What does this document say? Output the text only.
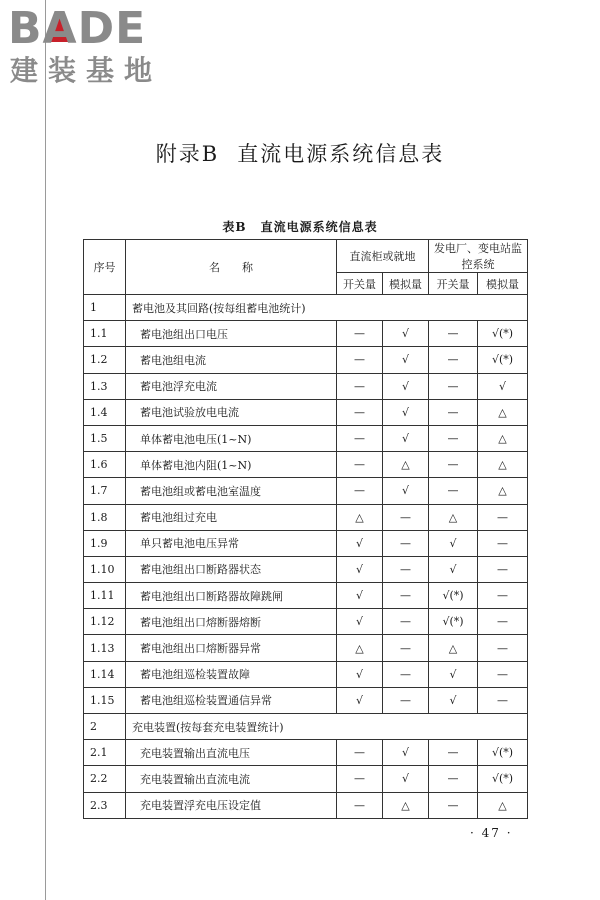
B
ADE
建装基地
附录B 直流电源系统信息表
表B 直流电源系统信息表
序号	名　　称	直流柜或就地		发电厂、变电站监控系统	
		开关量	模拟量	开关量	模拟量
1	蓄电池及其回路(按每组蓄电池统计)				
1.1	蓄电池组出口电压	—	√	—	√(*)
1.2	蓄电池组电流	—	√	—	√(*)
1.3	蓄电池浮充电流	—	√	—	√
1.4	蓄电池试验放电电流	—	√	—	△
1.5	单体蓄电池电压(1~N)	—	√	—	△
1.6	单体蓄电池内阻(1~N)	—	△	—	△
1.7	蓄电池组或蓄电池室温度	—	√	—	△
1.8	蓄电池组过充电	△	—	△	—
1.9	单只蓄电池电压异常	√	—	√	—
1.10	蓄电池组出口断路器状态	√	—	√	—
1.11	蓄电池组出口断路器故障跳闸	√	—	√(*)	—
1.12	蓄电池组出口熔断器熔断	√	—	√(*)	—
1.13	蓄电池组出口熔断器异常	△	—	△	—
1.14	蓄电池组巡检装置故障	√	—	√	—
1.15	蓄电池组巡检装置通信异常	√	—	√	—
2	充电装置(按每套充电装置统计)				
2.1	充电装置输出直流电压	—	√	—	√(*)
2.2	充电装置输出直流电流	—	√	—	√(*)
2.3	充电装置浮充电压设定值	—	△	—	△
· 47 ·
